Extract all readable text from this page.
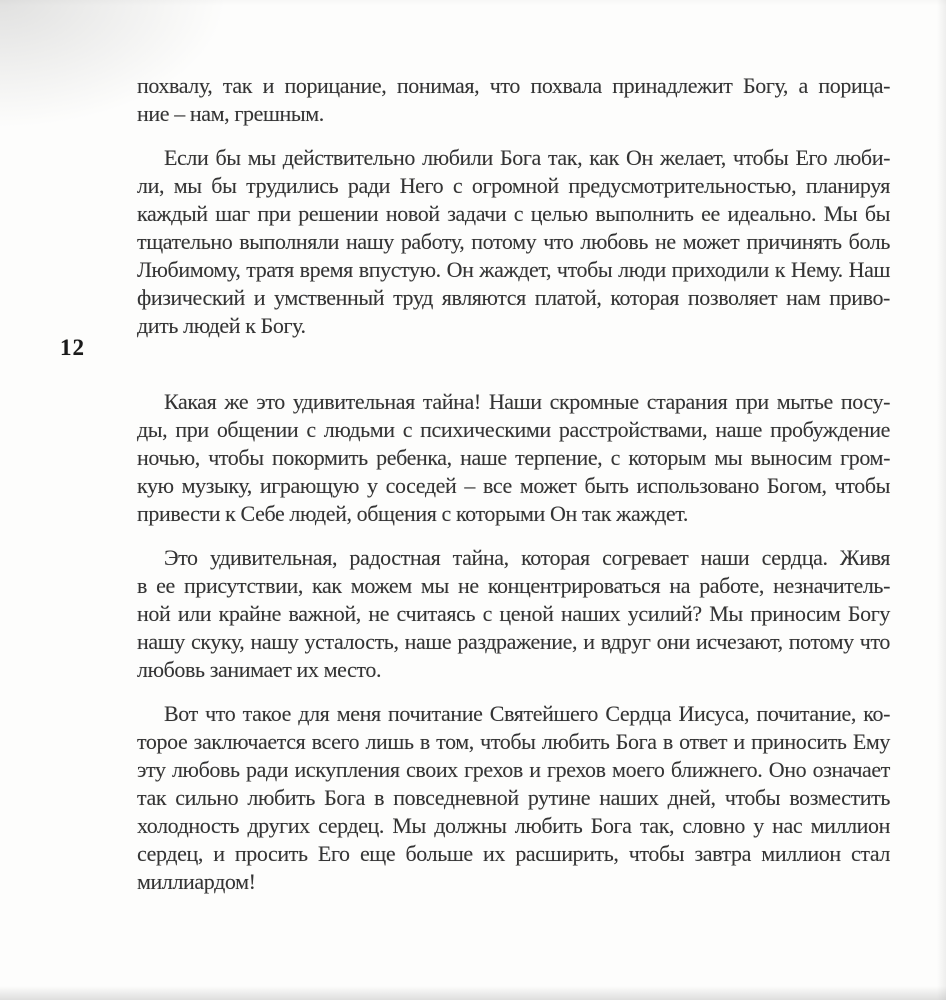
12
похвалу, так и порицание, понимая, что похвала принадлежит Богу, а порица-
ние – нам, грешным.
Если бы мы действительно любили Бога так, как Он желает, чтобы Его люби-
ли, мы бы трудились ради Него с огромной предусмотрительностью, планируя
каждый шаг при решении новой задачи с целью выполнить ее идеально. Мы бы
тщательно выполняли нашу работу, потому что любовь не может причинять боль
Любимому, тратя время впустую. Он жаждет, чтобы люди приходили к Нему. Наш
физический и умственный труд являются платой, которая позволяет нам приво-
дить людей к Богу.
Какая же это удивительная тайна! Наши скромные старания при мытье посу-
ды, при общении с людьми с психическими расстройствами, наше пробуждение
ночью, чтобы покормить ребенка, наше терпение, с которым мы выносим гром-
кую музыку, играющую у соседей – все может быть использовано Богом, чтобы
привести к Себе людей, общения с которыми Он так жаждет.
Это удивительная, радостная тайна, которая согревает наши сердца. Живя
в ее присутствии, как можем мы не концентрироваться на работе, незначитель-
ной или крайне важной, не считаясь с ценой наших усилий? Мы приносим Богу
нашу скуку, нашу усталость, наше раздражение, и вдруг они исчезают, потому что
любовь занимает их место.
Вот что такое для меня почитание Святейшего Сердца Иисуса, почитание, ко-
торое заключается всего лишь в том, чтобы любить Бога в ответ и приносить Ему
эту любовь ради искупления своих грехов и грехов моего ближнего. Оно означает
так сильно любить Бога в повседневной рутине наших дней, чтобы возместить
холодность других сердец. Мы должны любить Бога так, словно у нас миллион
сердец, и просить Его еще больше их расширить, чтобы завтра миллион стал
миллиардом!
